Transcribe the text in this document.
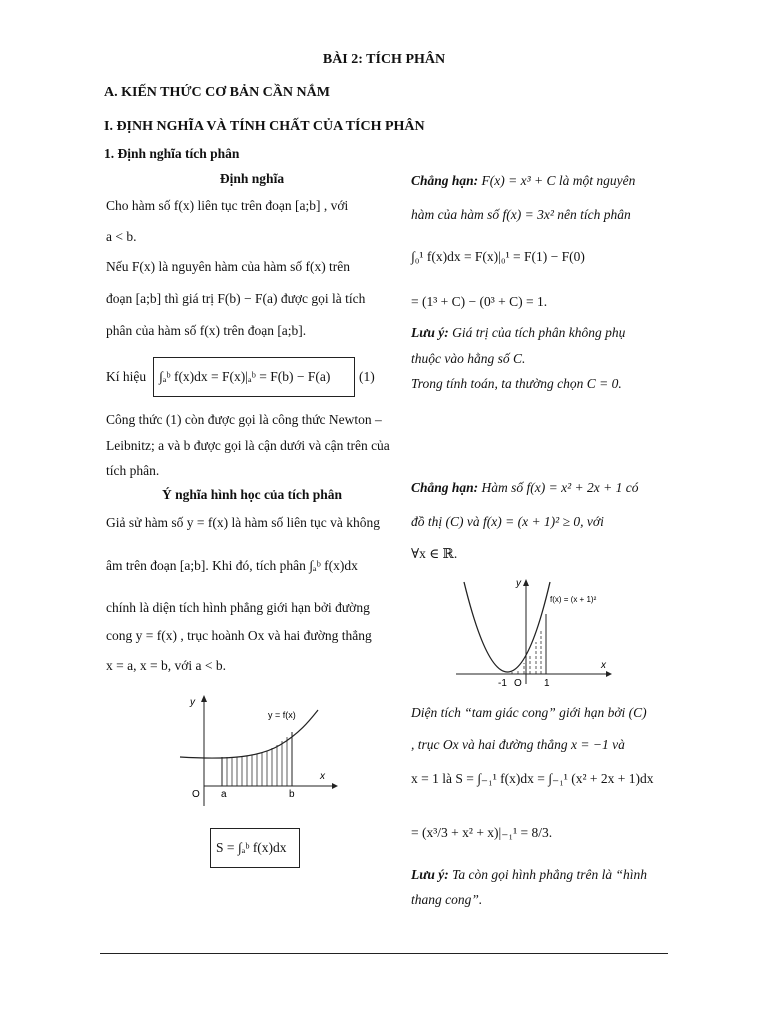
BÀI 2: TÍCH PHÂN
A. KIẾN THỨC CƠ BẢN CẦN NẮM
I. ĐỊNH NGHĨA VÀ TÍNH CHẤT CỦA TÍCH PHÂN
1. Định nghĩa tích phân
Định nghĩa
Cho hàm số f(x) liên tục trên đoạn [a;b] , với
a < b.
Nếu F(x) là nguyên hàm của hàm số f(x) trên
đoạn [a;b] thì giá trị F(b) − F(a) được gọi là tích
phân của hàm số f(x) trên đoạn [a;b].
Kí hiệu ∫ₐᵇ f(x)dx = F(x)|ₐᵇ = F(b) − F(a)	(1)
Công thức (1) còn được gọi là công thức Newton –
Leibnitz; a và b được gọi là cận dưới và cận trên của
tích phân.
Ý nghĩa hình học của tích phân
Giả sử hàm số y = f(x) là hàm số liên tục và không
âm trên đoạn [a;b]. Khi đó, tích phân ∫ₐᵇ f(x)dx
chính là diện tích hình phẳng giới hạn bởi đường
cong y = f(x) , trục hoành Ox và hai đường thẳng
x = a, x = b, với a < b.
y
x
y = f(x)
O a	b
S = ∫ₐᵇ f(x)dx
Chẳng hạn: F(x) = x³ + C là một nguyên
hàm của hàm số f(x) = 3x² nên tích phân
∫₀¹ f(x)dx = F(x)|₀¹ = F(1) − F(0)
= (1³ + C) − (0³ + C) = 1.
Lưu ý: Giá trị của tích phân không phụ
thuộc vào hằng số C.
Trong tính toán, ta thường chọn C = 0.
Chẳng hạn: Hàm số f(x) = x² + 2x + 1 có
đồ thị (C) và f(x) = (x + 1)² ≥ 0, với
∀x ∈ ℝ.
y
x
f(x) = (x + 1)²
-1 O 1
Diện tích “tam giác cong” giới hạn bởi (C)
, trục Ox và hai đường thẳng x = −1 và
x = 1 là S = ∫₋₁¹ f(x)dx = ∫₋₁¹ (x² + 2x + 1)dx
= (x³/3 + x² + x)|₋₁¹ = 8/3.
Lưu ý: Ta còn gọi hình phẳng trên là “hình
thang cong”.
